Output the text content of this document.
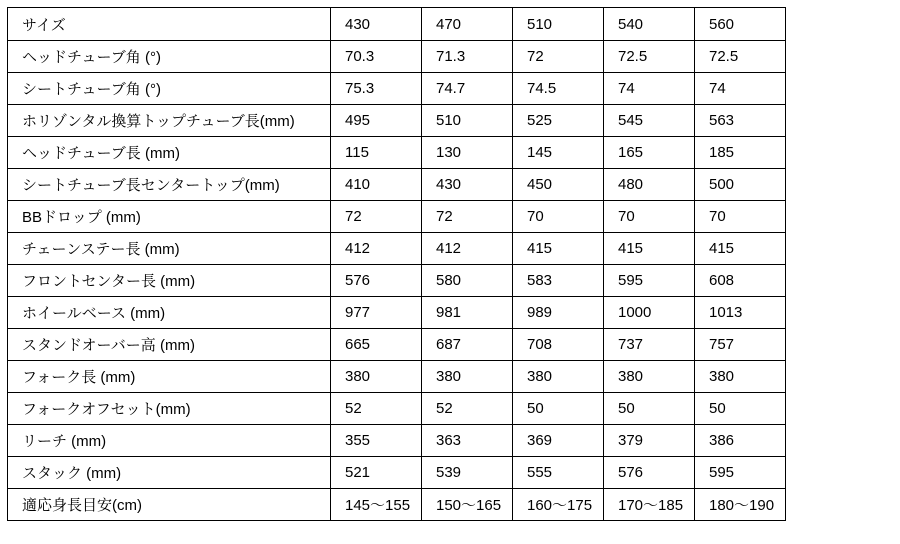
サイズ	430	470	510	540	560
ヘッドチューブ角 (°)	70.3	71.3	72	72.5	72.5
シートチューブ角 (°)	75.3	74.7	74.5	74	74
ホリゾンタル換算トップチューブ長(mm)	495	510	525	545	563
ヘッドチューブ長 (mm)	115	130	145	165	185
シートチューブ長センタートップ(mm)	410	430	450	480	500
BBドロップ (mm)	72	72	70	70	70
チェーンステー長 (mm)	412	412	415	415	415
フロントセンター長 (mm)	576	580	583	595	608
ホイールベース (mm)	977	981	989	1000	1013
スタンドオーバー高 (mm)	665	687	708	737	757
フォーク長 (mm)	380	380	380	380	380
フォークオフセット(mm)	52	52	50	50	50
リーチ (mm)	355	363	369	379	386
スタック (mm)	521	539	555	576	595
適応身長目安(cm)	145〜155	150〜165	160〜175	170〜185	180〜190
